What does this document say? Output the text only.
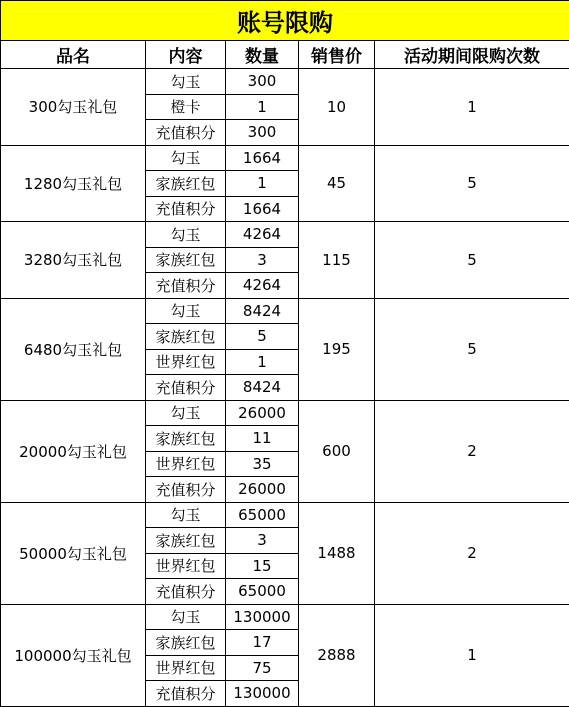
账号限购				
品名	内容	数量	销售价	活动期间限购次数
300勾玉礼包	勾玉	300	10	1
	橙卡	1		
	充值积分	300		
1280勾玉礼包	勾玉	1664	45	5
	家族红包	1		
	充值积分	1664		
3280勾玉礼包	勾玉	4264	115	5
	家族红包	3		
	充值积分	4264		
6480勾玉礼包	勾玉	8424	195	5
	家族红包	5		
	世界红包	1		
	充值积分	8424		
20000勾玉礼包	勾玉	26000	600	2
	家族红包	11		
	世界红包	35		
	充值积分	26000		
50000勾玉礼包	勾玉	65000	1488	2
	家族红包	3		
	世界红包	15		
	充值积分	65000		
100000勾玉礼包	勾玉	130000	2888	1
	家族红包	17		
	世界红包	75		
	充值积分	130000		
